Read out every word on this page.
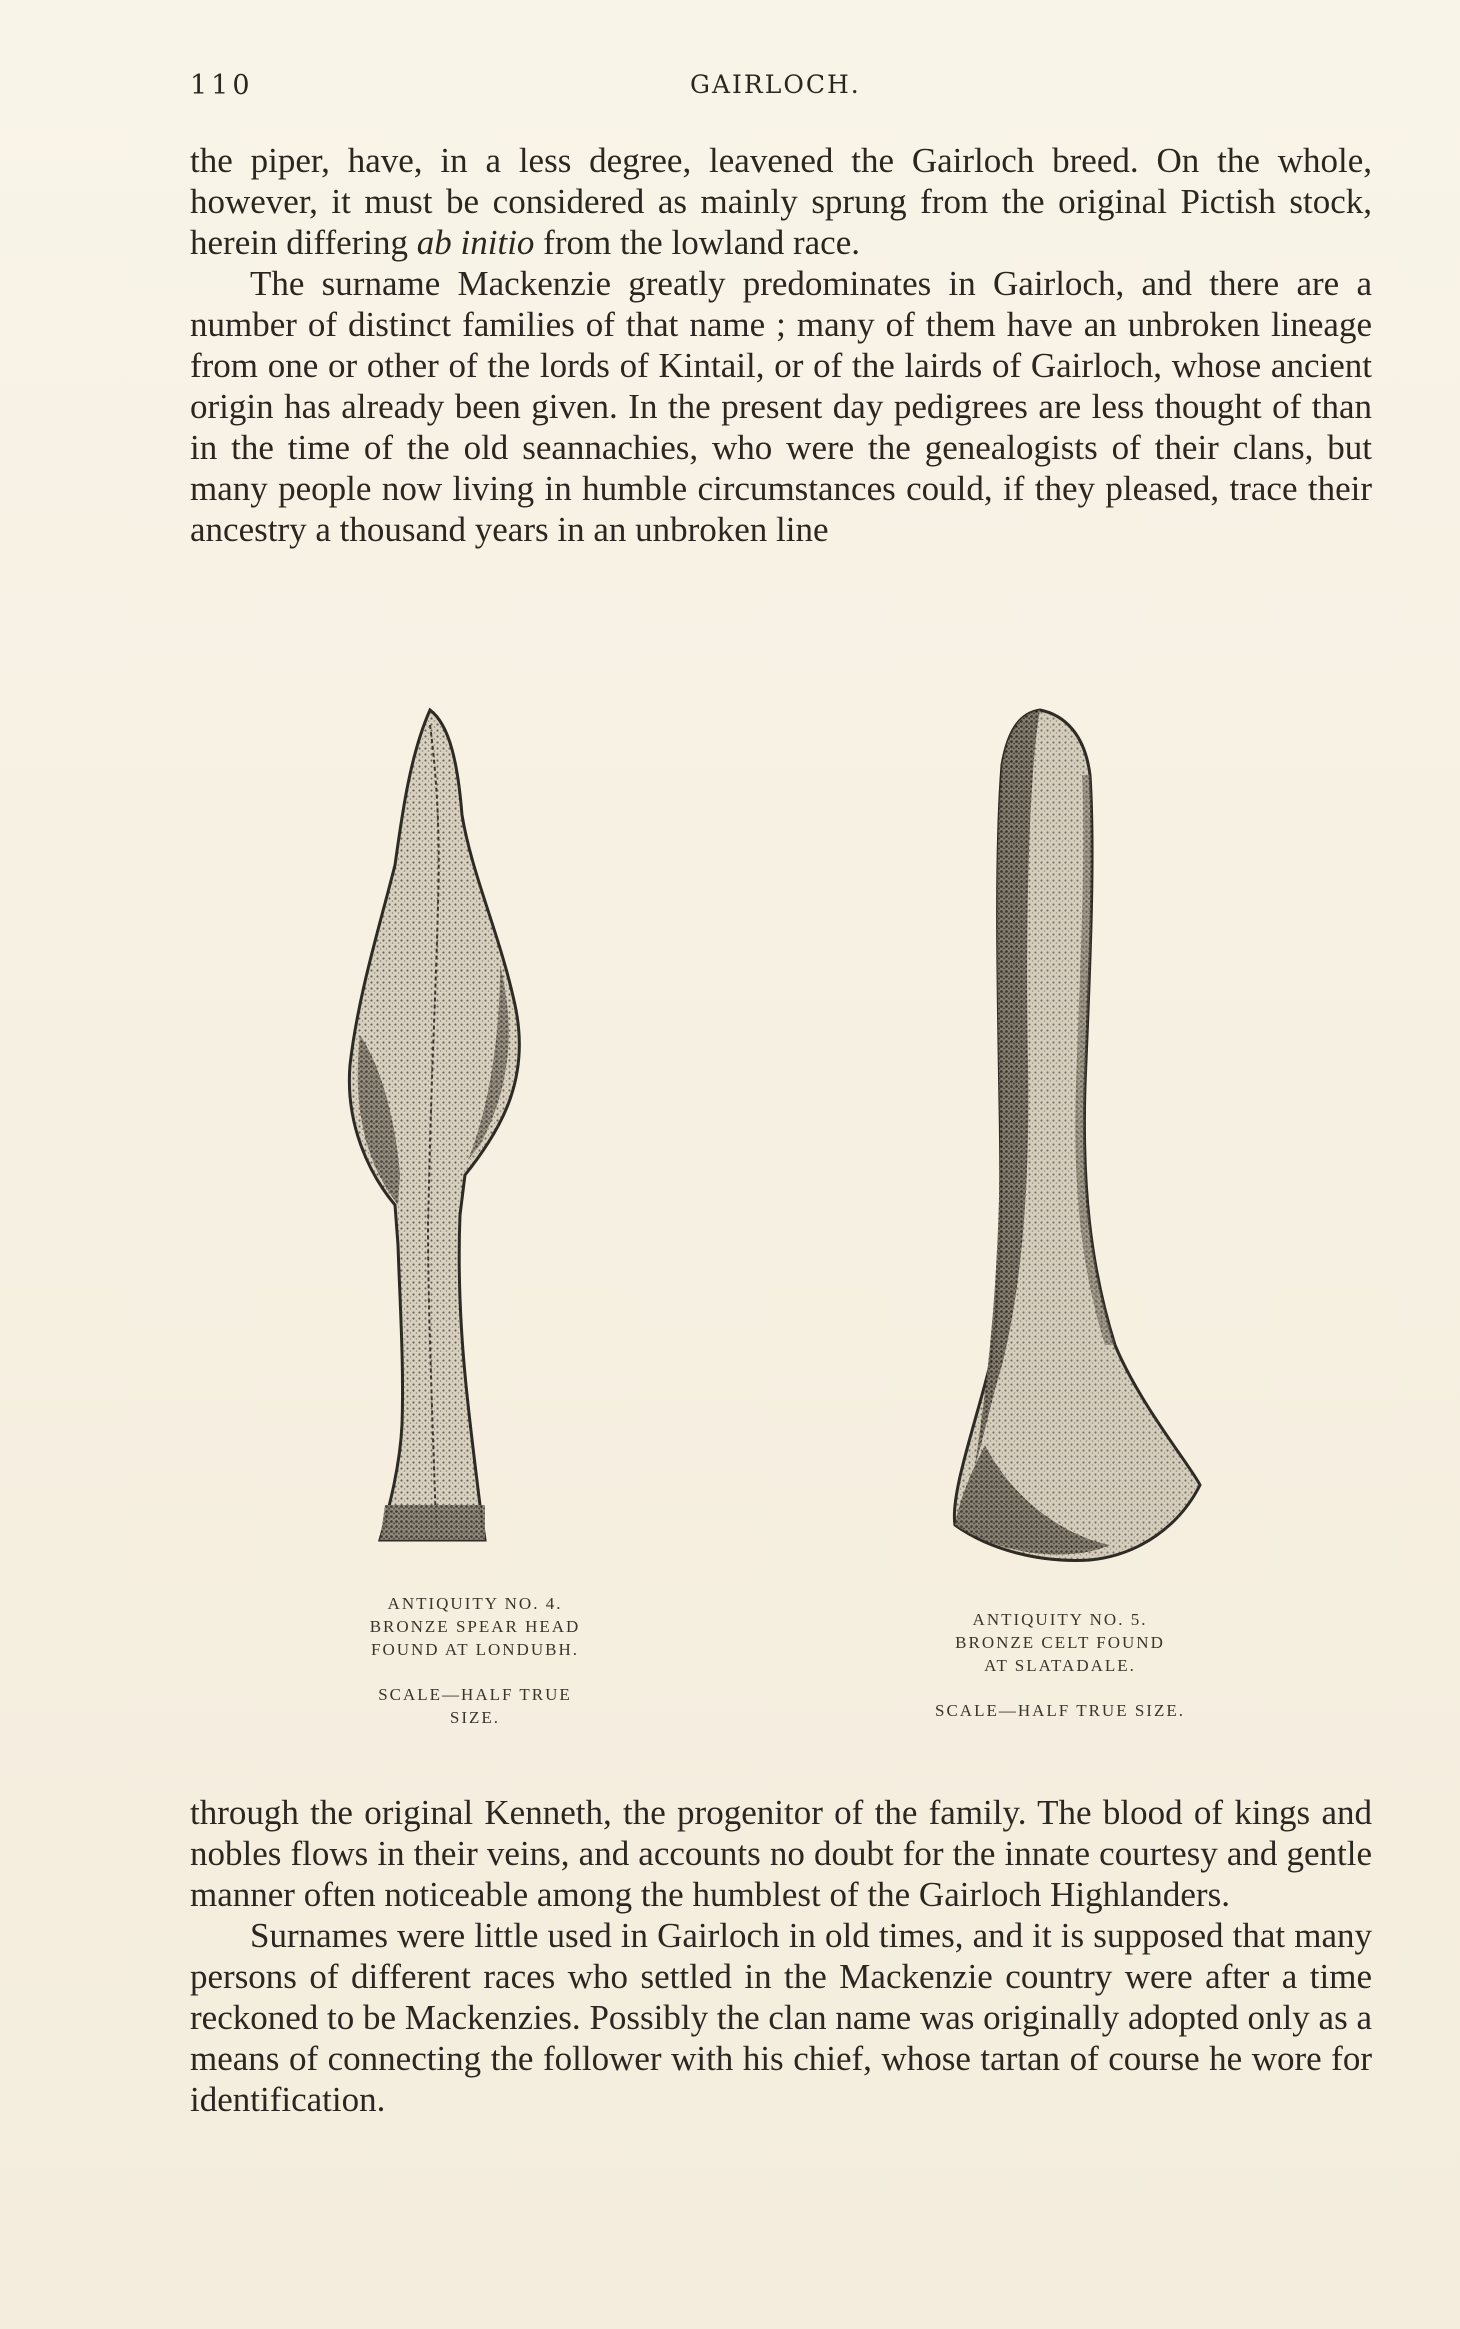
110	GAIRLOCH.

the piper, have, in a less degree, leavened the Gairloch breed. On the whole, however, it must be considered as mainly sprung from the original Pictish stock, herein differing ab initio from the lowland race.

The surname Mackenzie greatly predominates in Gairloch, and there are a number of distinct families of that name ; many of them have an unbroken lineage from one or other of the lords of Kintail, or of the lairds of Gairloch, whose ancient origin has already been given. In the present day pedigrees are less thought of than in the time of the old seannachies, who were the genealogists of their clans, but many people now living in humble circumstances could, if they pleased, trace their ancestry a thousand years in an unbroken line

ANTIQUITY NO. 4.
BRONZE SPEAR HEAD
FOUND AT LONDUBH.
SCALE—HALF TRUE
SIZE.
ANTIQUITY NO. 5.
BRONZE CELT FOUND
AT SLATADALE.
SCALE—HALF TRUE SIZE.

through the original Kenneth, the progenitor of the family. The blood of kings and nobles flows in their veins, and accounts no doubt for the innate courtesy and gentle manner often noticeable among the humblest of the Gairloch Highlanders.

Surnames were little used in Gairloch in old times, and it is supposed that many persons of different races who settled in the Mackenzie country were after a time reckoned to be Mackenzies. Possibly the clan name was originally adopted only as a means of connecting the follower with his chief, whose tartan of course he wore for identification.
